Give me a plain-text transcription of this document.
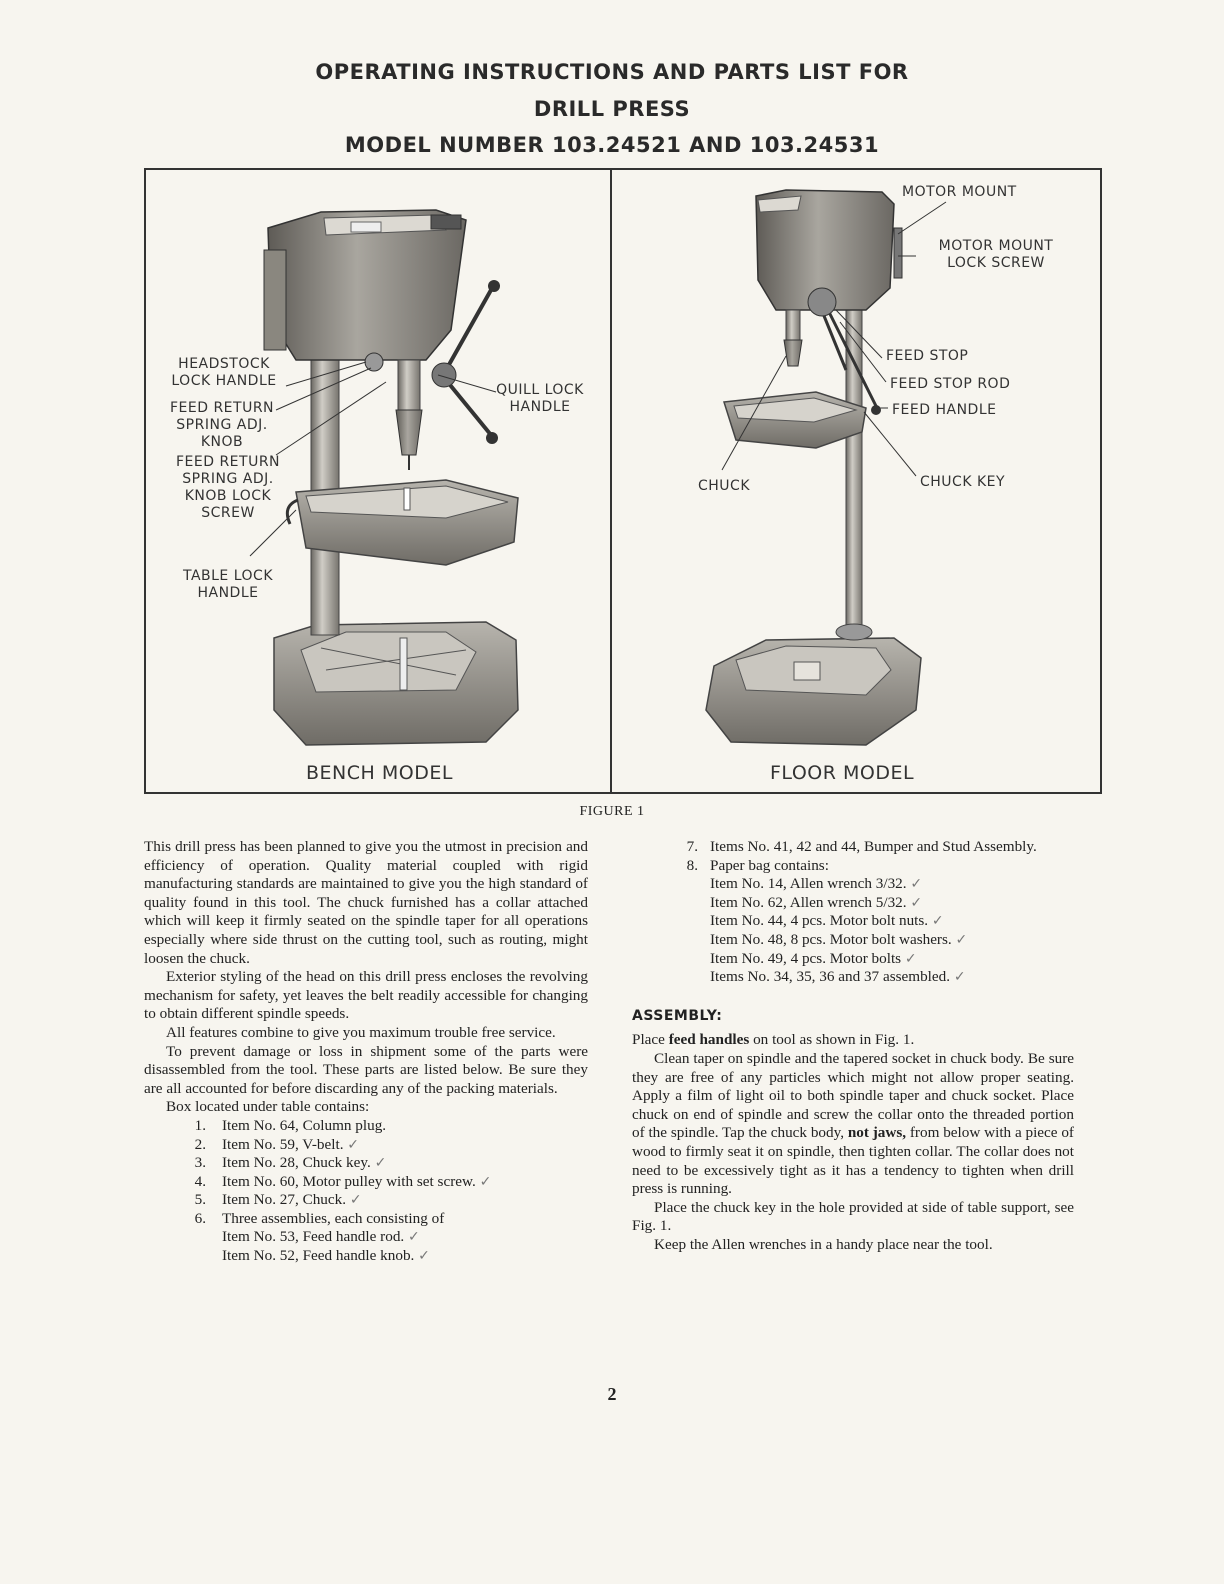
OPERATING INSTRUCTIONS AND PARTS LIST FOR
DRILL PRESS
MODEL NUMBER 103.24521 AND 103.24531
HEADSTOCK LOCK HANDLE
FEED RETURN SPRING ADJ. KNOB
FEED RETURN SPRING ADJ. KNOB LOCK SCREW
TABLE LOCK HANDLE
QUILL LOCK HANDLE
BENCH MODEL
MOTOR MOUNT
MOTOR MOUNT LOCK SCREW
FEED STOP
FEED STOP ROD
FEED HANDLE
CHUCK	CHUCK KEY
FLOOR MODEL
FIGURE 1

This drill press has been planned to give you the utmost in precision and efficiency of operation. Quality material coupled with rigid manufacturing standards are maintained to give you the high standard of quality found in this tool. The chuck furnished has a collar attached which will keep it firmly seated on the spindle taper for all operations especially where side thrust on the cutting tool, such as routing, might loosen the chuck.

Exterior styling of the head on this drill press encloses the revolving mechanism for safety, yet leaves the belt readily accessible for changing to obtain different spindle speeds.

All features combine to give you maximum trouble free service.

To prevent damage or loss in shipment some of the parts were disassembled from the tool. These parts are listed below. Be sure they are all accounted for before discarding any of the packing materials.

Box located under table contains:

1. Item No. 64, Column plug.
2. Item No. 59, V-belt. ✓
3. Item No. 28, Chuck key. ✓
4. Item No. 60, Motor pulley with set screw. ✓
5. Item No. 27, Chuck. ✓
6. Three assemblies, each consisting of
Item No. 53, Feed handle rod. ✓
Item No. 52, Feed handle knob. ✓
7. Items No. 41, 42 and 44, Bumper and Stud Assembly.
8. Paper bag contains:
Item No. 14, Allen wrench 3/32. ✓
Item No. 62, Allen wrench 5/32. ✓
Item No. 44, 4 pcs. Motor bolt nuts. ✓
Item No. 48, 8 pcs. Motor bolt washers. ✓
Item No. 49, 4 pcs. Motor bolts ✓
Items No. 34, 35, 36 and 37 assembled. ✓
ASSEMBLY:

Place feed handles on tool as shown in Fig. 1.

Clean taper on spindle and the tapered socket in chuck body. Be sure they are free of any particles which might not allow proper seating. Apply a film of light oil to both spindle taper and chuck socket. Place chuck on end of spindle and screw the collar onto the threaded portion of the spindle. Tap the chuck body, not jaws, from below with a piece of wood to firmly seat it on spindle, then tighten collar. The collar does not need to be excessively tight as it has a tendency to tighten when drill press is running.

Place the chuck key in the hole provided at side of table support, see Fig. 1.

Keep the Allen wrenches in a handy place near the tool.

2
